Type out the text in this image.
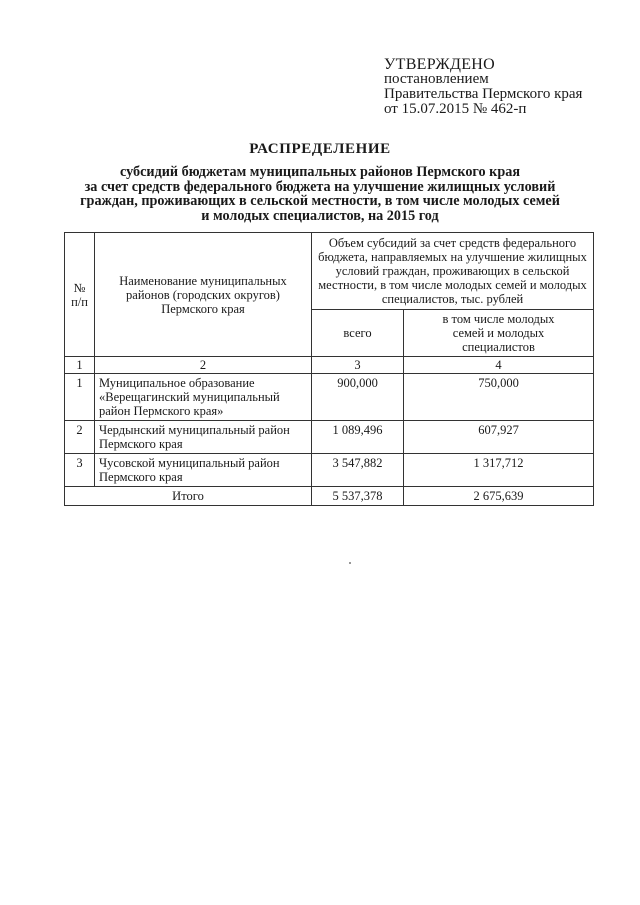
УТВЕРЖДЕНО
постановлением
Правительства Пермского края
от 15.07.2015 № 462-п
РАСПРЕДЕЛЕНИЕ
субсидий бюджетам муниципальных районов Пермского края
за счет средств федерального бюджета на улучшение жилищных условий
граждан, проживающих в сельской местности, в том числе молодых семей
и молодых специалистов, на 2015 год
№ п/п	Наименование муниципальных районов (городских округов) Пермского края	Объем субсидий за счет средств федерального бюджета, направляемых на улучшение жилищных условий граждан, проживающих в сельской местности, в том числе молодых семей и молодых специалистов, тыс. рублей	
		всего	в том числе молодых семей и молодых специалистов
1	2	3	4
1	Муниципальное образование «Верещагинский муниципальный район Пермского края»	900,000	750,000
2	Чердынский муниципальный район Пермского края	1 089,496	607,927
3	Чусовской муниципальный район Пермского края	3 547,882	1 317,712
Итого		5 537,378	2 675,639
